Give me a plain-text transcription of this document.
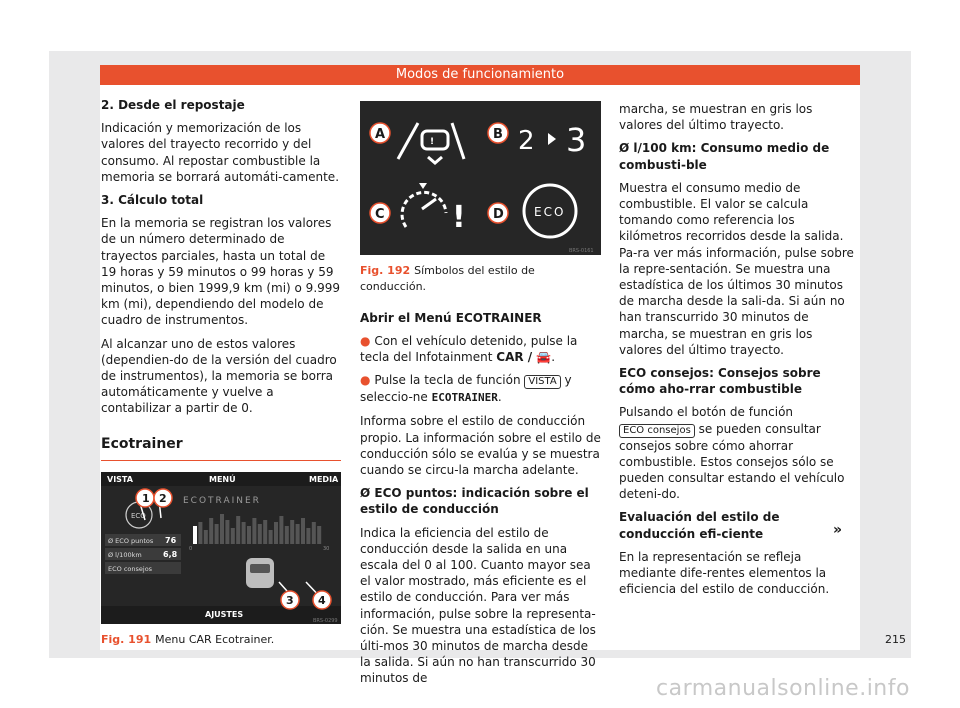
Modos de funcionamiento

2. Desde el repostaje

Indicación y memorización de los valores del trayecto recorrido y del consumo. Al repostar combustible la memoria se borrará automáti-camente.

3. Cálculo total

En la memoria se registran los valores de un número determinado de trayectos parciales, hasta un total de 19 horas y 59 minutos o 99 horas y 59 minutos, o bien 1999,9 km (mi) o 9.999 km (mi), dependiendo del modelo de cuadro de instrumentos.

Al alcanzar uno de estos valores (dependien-do de la versión del cuadro de instrumentos), la memoria se borra automáticamente y vuelve a contabilizar a partir de 0.

Ecotrainer
VISTA	MENÚ	MEDIA
ECOTRAINER
ECO
Ø ECO puntos 76
Ø l/100km	6,8
ECO consejos
0	30
AJUSTES
1 2
3 4
BRS-0299
Fig. 191 Menu CAR Ecotrainer.
A	!	B 2 3
C ! D	ECO
BRS-0161
Fig. 192 Símbolos del estilo de conducción.

Abrir el Menú ECOTRAINER

● Con el vehículo detenido, pulse la tecla del Infotainment CAR / 🚘.

● Pulse la tecla de función VISTA y seleccio-ne ECOTRAINER.

Informa sobre el estilo de conducción propio. La información sobre el estilo de conducción sólo se evalúa y se muestra cuando se circu-la marcha adelante.

Ø ECO puntos: indicación sobre el estilo de conducción

Indica la eficiencia del estilo de conducción desde la salida en una escala del 0 al 100. Cuanto mayor sea el valor mostrado, más eficiente es el estilo de conducción. Para ver más información, pulse sobre la representa-ción. Se muestra una estadística de los últi-mos 30 minutos de marcha desde la salida. Si aún no han transcurrido 30 minutos de

marcha, se muestran en gris los valores del último trayecto.

Ø l/100 km: Consumo medio de combusti-ble

Muestra el consumo medio de combustible. El valor se calcula tomando como referencia los kilómetros recorridos desde la salida. Pa-ra ver más información, pulse sobre la repre-sentación. Se muestra una estadística de los últimos 30 minutos de marcha desde la sali-da. Si aún no han transcurrido 30 minutos de marcha, se muestran en gris los valores del último trayecto.

ECO consejos: Consejos sobre cómo aho-rrar combustible

Pulsando el botón de función ECO consejos se pueden consultar consejos sobre cómo ahorrar combustible. Estos consejos sólo se pueden consultar estando el vehículo deteni-do.

Evaluación del estilo de conducción efi-ciente

En la representación se refleja mediante dife-rentes elementos la eficiencia del estilo de conducción.

»
215
carmanualsonline.info
